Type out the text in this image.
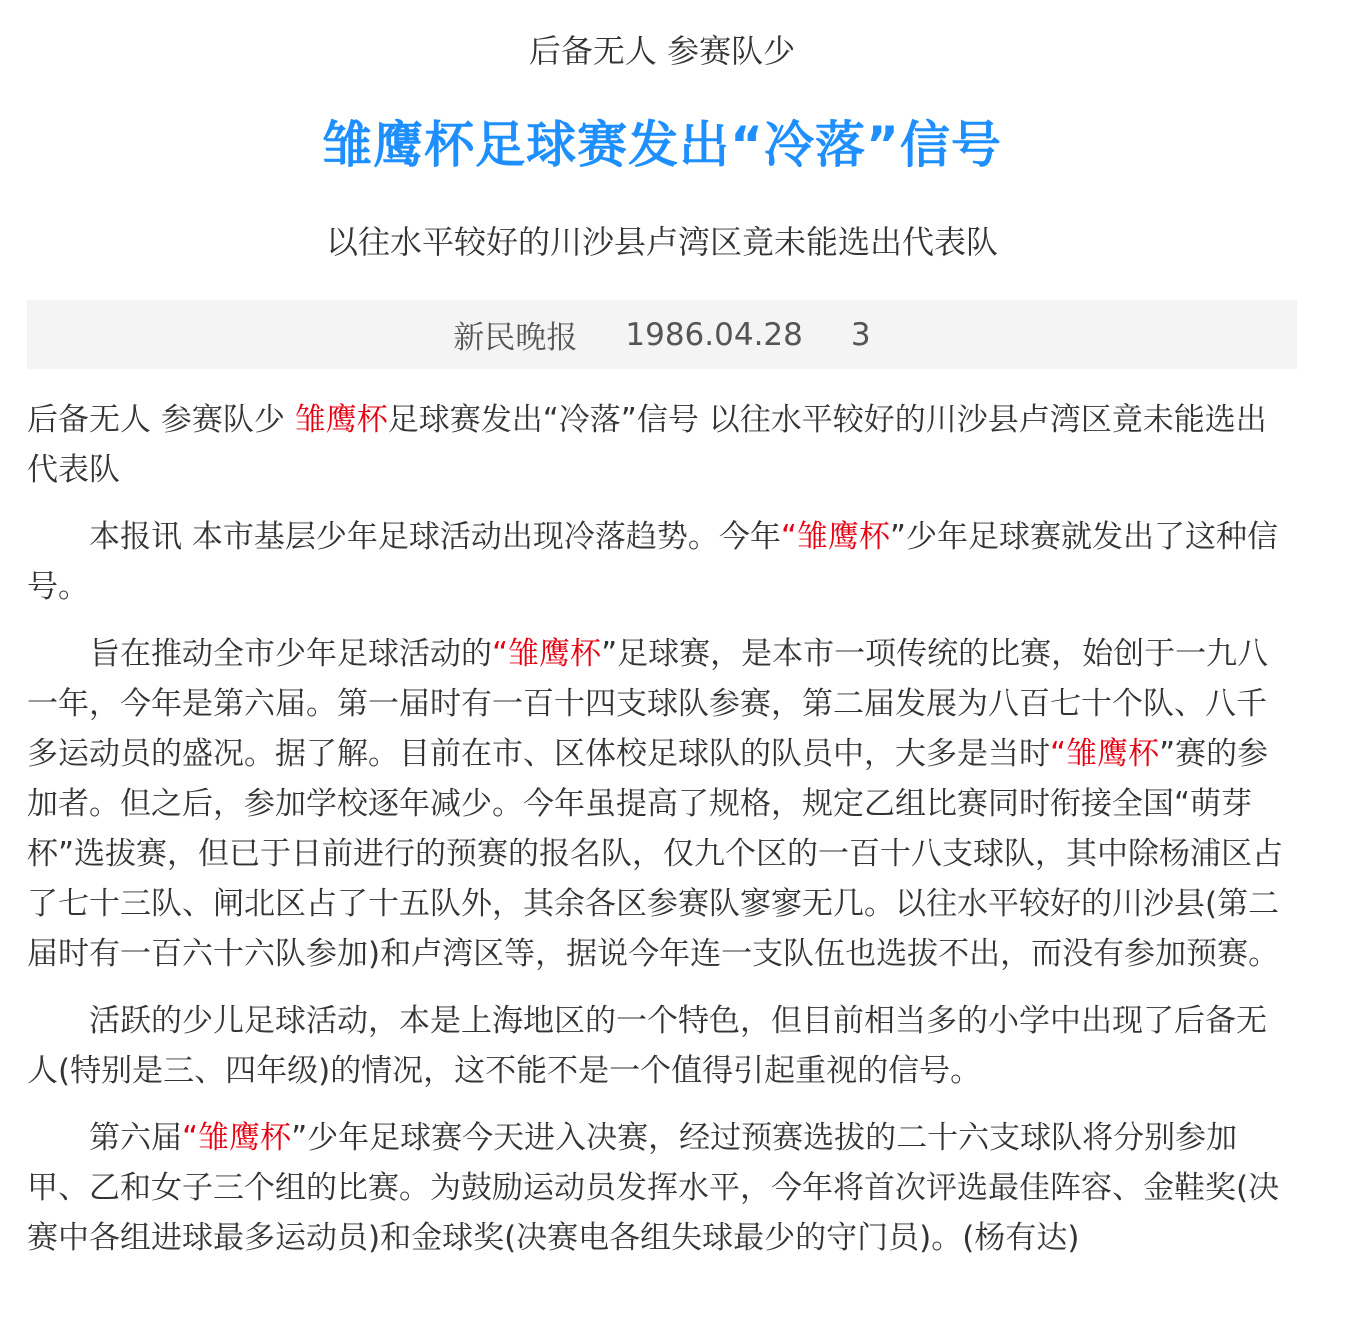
后备无人 参赛队少
雏鹰杯足球赛发出“冷落”信号
以往水平较好的川沙县卢湾区竟未能选出代表队
新民晚报 1986.04.28 3

后备无人 参赛队少 雏鹰杯足球赛发出“冷落”信号 以往水平较好的川沙县卢湾区竟未能选出代表队

本报讯 本市基层少年足球活动出现冷落趋势。今年“雏鹰杯”少年足球赛就发出了这种信号。

旨在推动全市少年足球活动的“雏鹰杯”足球赛，是本市一项传统的比赛，始创于一九八一年，今年是第六届。第一届时有一百十四支球队参赛，第二届发展为八百七十个队、八千多运动员的盛况。据了解。目前在市、区体校足球队的队员中，大多是当时“雏鹰杯”赛的参加者。但之后，参加学校逐年减少。今年虽提高了规格，规定乙组比赛同时衔接全国“萌芽杯”选拔赛，但已于日前进行的预赛的报名队，仅九个区的一百十八支球队，其中除杨浦区占了七十三队、闸北区占了十五队外，其余各区参赛队寥寥无几。以往水平较好的川沙县(第二届时有一百六十六队参加)和卢湾区等，据说今年连一支队伍也选拔不出，而没有参加预赛。

活跃的少儿足球活动，本是上海地区的一个特色，但目前相当多的小学中出现了后备无人(特别是三、四年级)的情况，这不能不是一个值得引起重视的信号。

第六届“雏鹰杯”少年足球赛今天进入决赛，经过预赛选拔的二十六支球队将分别参加甲、乙和女子三个组的比赛。为鼓励运动员发挥水平，今年将首次评选最佳阵容、金鞋奖(决赛中各组进球最多运动员)和金球奖(决赛电各组失球最少的守门员)。(杨有达)
